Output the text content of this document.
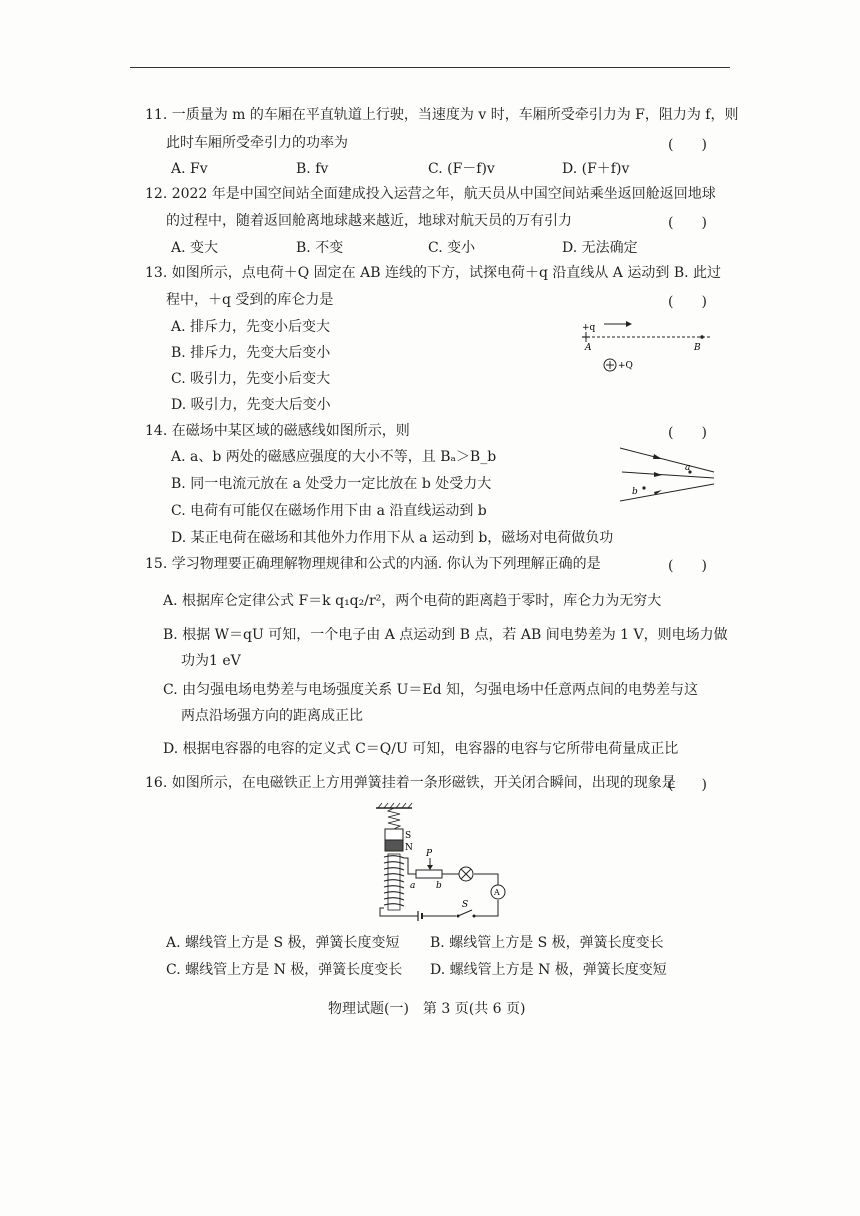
11. 一质量为 m 的车厢在平直轨道上行驶，当速度为 v 时，车厢所受牵引力为 F，阻力为 f，则
此时车厢所受牵引力的功率为	(　　)
A. Fv	B. fv	C. (F－f)v	D. (F＋f)v
12. 2022 年是中国空间站全面建成投入运营之年，航天员从中国空间站乘坐返回舱返回地球
的过程中，随着返回舱离地球越来越近，地球对航天员的万有引力	(　　)
A. 变大	B. 不变	C. 变小	D. 无法确定
13. 如图所示，点电荷＋Q 固定在 AB 连线的下方，试探电荷＋q 沿直线从 A 运动到 B. 此过
程中，＋q 受到的库仑力是	(　　)
A. 排斥力，先变小后变大
B. 排斥力，先变大后变小
C. 吸引力，先变小后变大
D. 吸引力，先变大后变小
+q
A	B
+Q
14. 在磁场中某区域的磁感线如图所示，则	(　　)
A. a、b 两处的磁感应强度的大小不等，且 Bₐ＞B_b
B. 同一电流元放在 a 处受力一定比放在 b 处受力大
C. 电荷有可能仅在磁场作用下由 a 沿直线运动到 b
D. 某正电荷在磁场和其他外力作用下从 a 运动到 b，磁场对电荷做负功
a
b
15. 学习物理要正确理解物理规律和公式的内涵. 你认为下列理解正确的是	(　　)
A. 根据库仑定律公式 F＝k q₁q₂/r²，两个电荷的距离趋于零时，库仑力为无穷大
B. 根据 W＝qU 可知，一个电子由 A 点运动到 B 点，若 AB 间电势差为 1 V，则电场力做
功为1 eV
C. 由匀强电场电势差与电场强度关系 U＝Ed 知，匀强电场中任意两点间的电势差与这
两点沿场强方向的距离成正比
D. 根据电容器的电容的定义式 C＝Q/U 可知，电容器的电容与它所带电荷量成正比
16. 如图所示，在电磁铁正上方用弹簧挂着一条形磁铁，开关闭合瞬间，出现的现象是
(　　)
S
N
S
A
P
a b
A. 螺线管上方是 S 极，弹簧长度变短 B. 螺线管上方是 S 极，弹簧长度变长
C. 螺线管上方是 N 极，弹簧长度变长 D. 螺线管上方是 N 极，弹簧长度变短
物理试题(一)　第 3 页(共 6 页)
